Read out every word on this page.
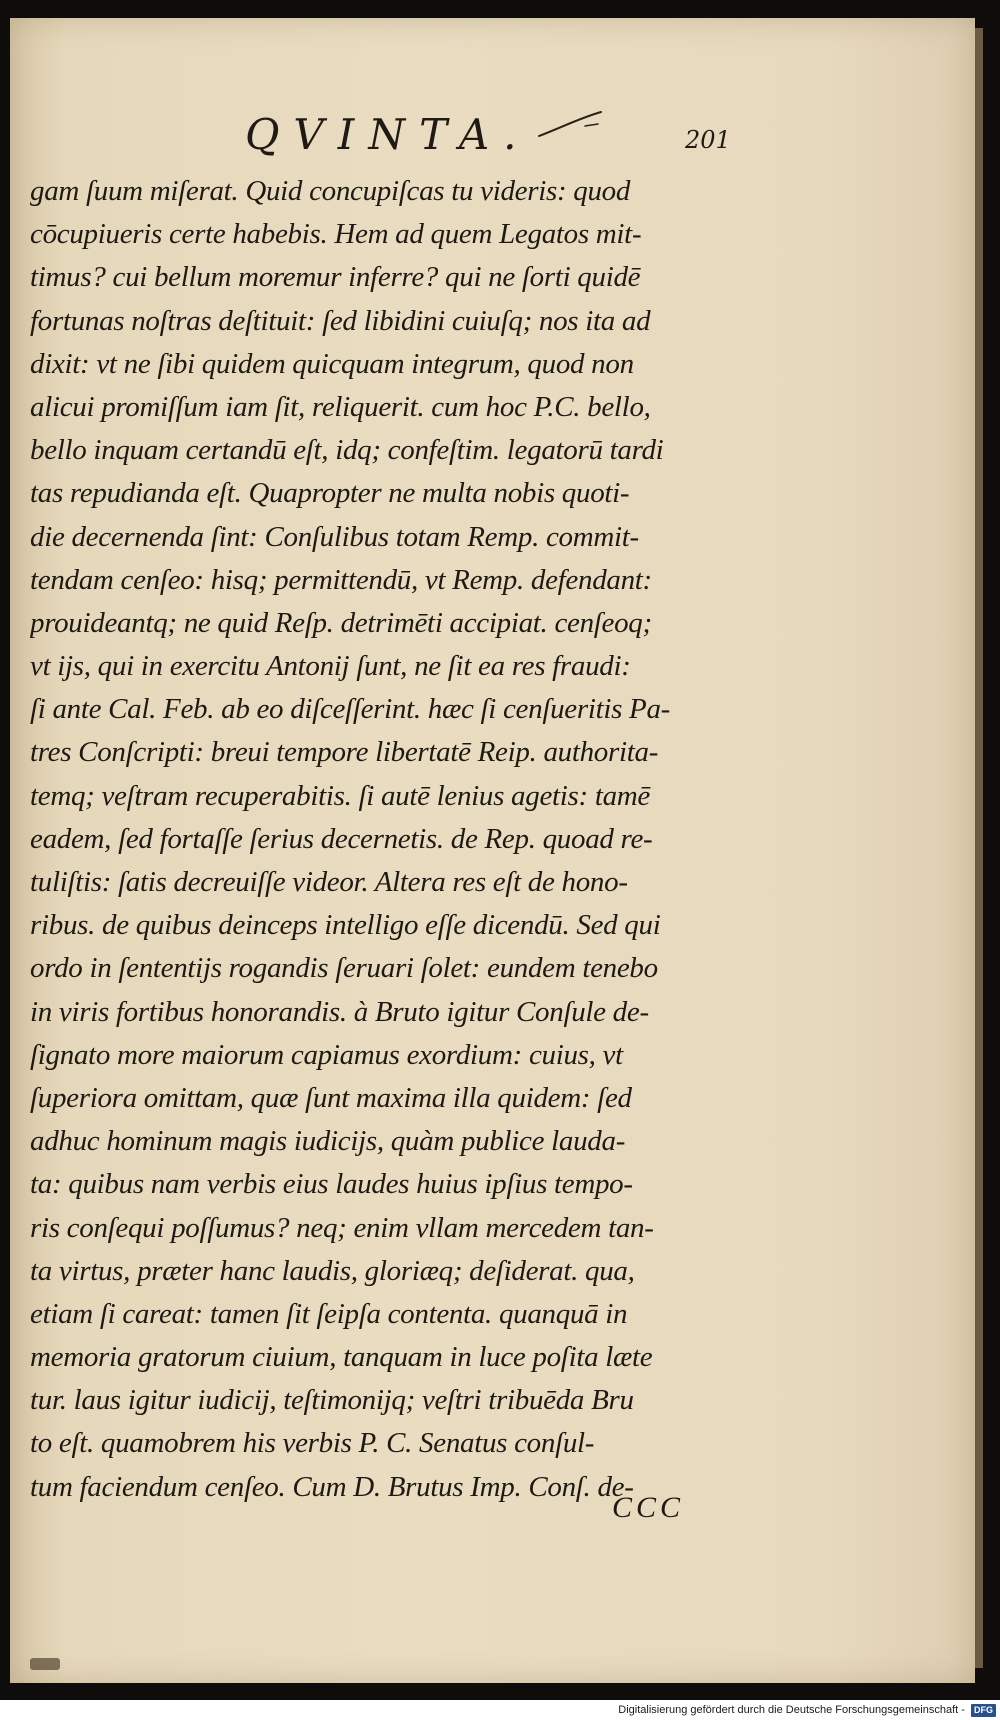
QVINTA.	201
gam ſuum miſerat. Quid concupiſcas tu videris: quod
cōcupiueris certe habebis. Hem ad quem Legatos mit-
timus? cui bellum moremur inferre? qui ne ſorti quidē
fortunas noſtras deſtituit: ſed libidini cuiuſq; nos ita ad
dixit: vt ne ſibi quidem quicquam integrum, quod non
alicui promiſſum iam ſit, reliquerit. cum hoc P.C. bello,
bello inquam certandū eſt, idq; confeſtim. legatorū tardi
tas repudianda eſt. Quapropter ne multa nobis quoti-
die decernenda ſint: Conſulibus totam Remp. commit-
tendam cenſeo: hisq; permittendū, vt Remp. defendant:
prouideantq; ne quid Reſp. detrimēti accipiat. cenſeoq;
vt ijs, qui in exercitu Antonij ſunt, ne ſit ea res fraudi:
ſi ante Cal. Feb. ab eo diſceſſerint. hæc ſi cenſueritis Pa-
tres Conſcripti: breui tempore libertatē Reip. authorita-
temq; veſtram recuperabitis. ſi autē lenius agetis: tamē
eadem, ſed fortaſſe ſerius decernetis. de Rep. quoad re-
tuliſtis: ſatis decreuiſſe videor. Altera res eſt de hono-
ribus. de quibus deinceps intelligo eſſe dicendū. Sed qui
ordo in ſententijs rogandis ſeruari ſolet: eundem tenebo
in viris fortibus honorandis. à Bruto igitur Conſule de-
ſignato more maiorum capiamus exordium: cuius, vt
ſuperiora omittam, quæ ſunt maxima illa quidem: ſed
adhuc hominum magis iudicijs, quàm publice lauda-
ta: quibus nam verbis eius laudes huius ipſius tempo-
ris conſequi poſſumus? neq; enim vllam mercedem tan-
ta virtus, præter hanc laudis, gloriæq; deſiderat. qua,
etiam ſi careat: tamen ſit ſeipſa contenta. quanquā in
memoria gratorum ciuium, tanquam in luce poſita læte
tur. laus igitur iudicij, teſtimonijq; veſtri tribuēda Bru
to eſt. quamobrem his verbis P. C. Senatus conſul-
tum faciendum cenſeo. Cum D. Brutus Imp. Conſ. de-
CCC
Digitalisierung gefördert durch die Deutsche Forschungsgemeinschaft - DFG
